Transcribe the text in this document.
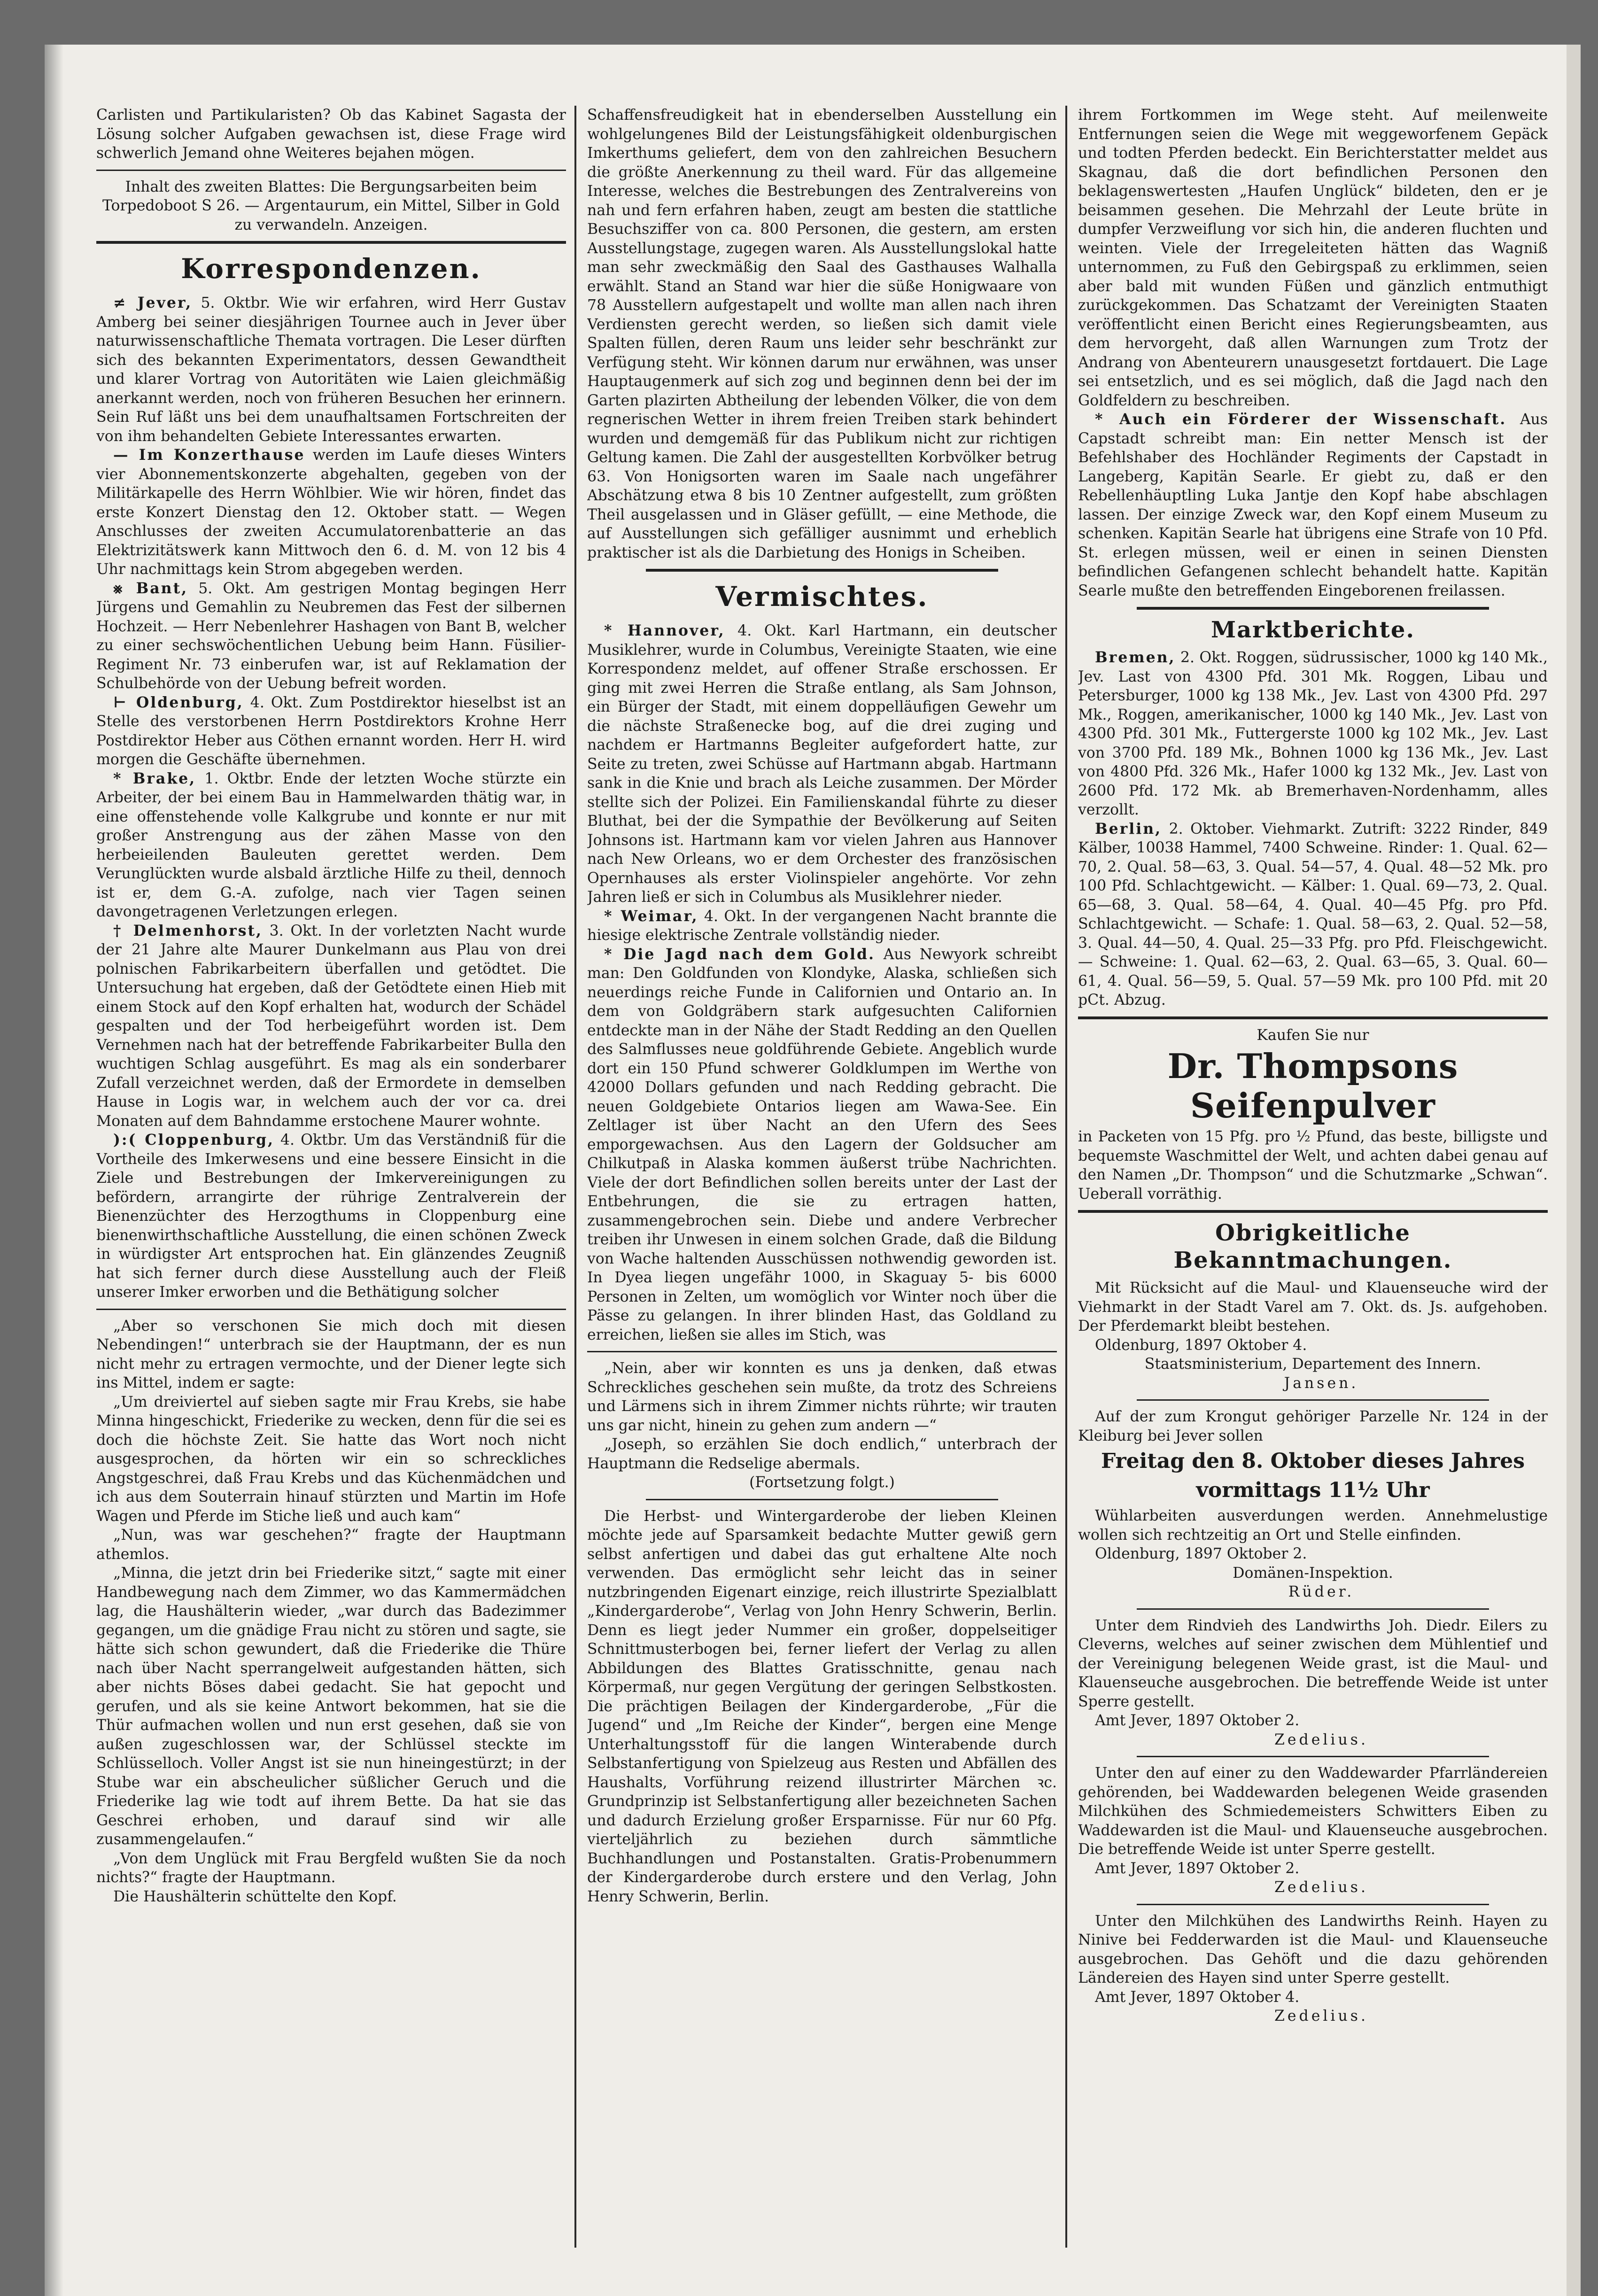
Carlisten und Partikularisten? Ob das Kabinet Sagasta der Lösung solcher Aufgaben gewachsen ist, diese Frage wird schwerlich Jemand ohne Weiteres bejahen mögen.

Inhalt des zweiten Blattes: Die Bergungsarbeiten beim Torpedoboot S 26. — Argentaurum, ein Mittel, Silber in Gold zu verwandeln. Anzeigen.

Korrespondenzen.

≠ Jever, 5. Oktbr. Wie wir erfahren, wird Herr Gustav Amberg bei seiner diesjährigen Tournee auch in Jever über naturwissenschaftliche Themata vortragen. Die Leser dürften sich des bekannten Experimentators, dessen Gewandtheit und klarer Vortrag von Autoritäten wie Laien gleichmäßig anerkannt werden, noch von früheren Besuchen her erinnern. Sein Ruf läßt uns bei dem unaufhaltsamen Fortschreiten der von ihm behandelten Gebiete Interessantes erwarten.

— Im Konzerthause werden im Laufe dieses Winters vier Abonnementskonzerte abgehalten, gegeben von der Militärkapelle des Herrn Wöhlbier. Wie wir hören, findet das erste Konzert Dienstag den 12. Oktober statt. — Wegen Anschlusses der zweiten Accumulatorenbatterie an das Elektrizitätswerk kann Mittwoch den 6. d. M. von 12 bis 4 Uhr nachmittags kein Strom abgegeben werden.

⨳ Bant, 5. Okt. Am gestrigen Montag begingen Herr Jürgens und Gemahlin zu Neubremen das Fest der silbernen Hochzeit. — Herr Nebenlehrer Hashagen von Bant B, welcher zu einer sechswöchentlichen Uebung beim Hann. Füsilier-Regiment Nr. 73 einberufen war, ist auf Reklamation der Schulbehörde von der Uebung befreit worden.

⊢ Oldenburg, 4. Okt. Zum Postdirektor hieselbst ist an Stelle des verstorbenen Herrn Postdirektors Krohne Herr Postdirektor Heber aus Cöthen ernannt worden. Herr H. wird morgen die Geschäfte übernehmen.

* Brake, 1. Oktbr. Ende der letzten Woche stürzte ein Arbeiter, der bei einem Bau in Hammelwarden thätig war, in eine offenstehende volle Kalkgrube und konnte er nur mit großer Anstrengung aus der zähen Masse von den herbeieilenden Bauleuten gerettet werden. Dem Verunglückten wurde alsbald ärztliche Hilfe zu theil, dennoch ist er, dem G.-A. zufolge, nach vier Tagen seinen davongetragenen Verletzungen erlegen.

† Delmenhorst, 3. Okt. In der vorletzten Nacht wurde der 21 Jahre alte Maurer Dunkelmann aus Plau von drei polnischen Fabrikarbeitern überfallen und getödtet. Die Untersuchung hat ergeben, daß der Getödtete einen Hieb mit einem Stock auf den Kopf erhalten hat, wodurch der Schädel gespalten und der Tod herbeigeführt worden ist. Dem Vernehmen nach hat der betreffende Fabrikarbeiter Bulla den wuchtigen Schlag ausgeführt. Es mag als ein sonderbarer Zufall verzeichnet werden, daß der Ermordete in demselben Hause in Logis war, in welchem auch der vor ca. drei Monaten auf dem Bahndamme erstochene Maurer wohnte.

):( Cloppenburg, 4. Oktbr. Um das Verständniß für die Vortheile des Imkerwesens und eine bessere Einsicht in die Ziele und Bestrebungen der Imkervereinigungen zu befördern, arrangirte der rührige Zentralverein der Bienenzüchter des Herzogthums in Cloppenburg eine bienenwirthschaftliche Ausstellung, die einen schönen Zweck in würdigster Art entsprochen hat. Ein glänzendes Zeugniß hat sich ferner durch diese Ausstellung auch der Fleiß unserer Imker erworben und die Bethätigung solcher

„Aber so verschonen Sie mich doch mit diesen Nebendingen!“ unterbrach sie der Hauptmann, der es nun nicht mehr zu ertragen vermochte, und der Diener legte sich ins Mittel, indem er sagte:

„Um dreiviertel auf sieben sagte mir Frau Krebs, sie habe Minna hingeschickt, Friederike zu wecken, denn für die sei es doch die höchste Zeit. Sie hatte das Wort noch nicht ausgesprochen, da hörten wir ein so schreckliches Angstgeschrei, daß Frau Krebs und das Küchenmädchen und ich aus dem Souterrain hinauf stürzten und Martin im Hofe Wagen und Pferde im Stiche ließ und auch kam“

„Nun, was war geschehen?“ fragte der Hauptmann athemlos.

„Minna, die jetzt drin bei Friederike sitzt,“ sagte mit einer Handbewegung nach dem Zimmer, wo das Kammermädchen lag, die Haushälterin wieder, „war durch das Badezimmer gegangen, um die gnädige Frau nicht zu stören und sagte, sie hätte sich schon gewundert, daß die Friederike die Thüre nach über Nacht sperrangelweit aufgestanden hätten, sich aber nichts Böses dabei gedacht. Sie hat gepocht und gerufen, und als sie keine Antwort bekommen, hat sie die Thür aufmachen wollen und nun erst gesehen, daß sie von außen zugeschlossen war, der Schlüssel steckte im Schlüsselloch. Voller Angst ist sie nun hineingestürzt; in der Stube war ein abscheulicher süßlicher Geruch und die Friederike lag wie todt auf ihrem Bette. Da hat sie das Geschrei erhoben, und darauf sind wir alle zusammengelaufen.“

„Von dem Unglück mit Frau Bergfeld wußten Sie da noch nichts?“ fragte der Hauptmann.

Die Haushälterin schüttelte den Kopf.

Schaffensfreudigkeit hat in ebenderselben Ausstellung ein wohlgelungenes Bild der Leistungsfähigkeit oldenburgischen Imkerthums geliefert, dem von den zahlreichen Besuchern die größte Anerkennung zu theil ward. Für das allgemeine Interesse, welches die Bestrebungen des Zentralvereins von nah und fern erfahren haben, zeugt am besten die stattliche Besuchsziffer von ca. 800 Personen, die gestern, am ersten Ausstellungstage, zugegen waren. Als Ausstellungslokal hatte man sehr zweckmäßig den Saal des Gasthauses Walhalla erwählt. Stand an Stand war hier die süße Honigwaare von 78 Ausstellern aufgestapelt und wollte man allen nach ihren Verdiensten gerecht werden, so ließen sich damit viele Spalten füllen, deren Raum uns leider sehr beschränkt zur Verfügung steht. Wir können darum nur erwähnen, was unser Hauptaugenmerk auf sich zog und beginnen denn bei der im Garten plazirten Abtheilung der lebenden Völker, die von dem regnerischen Wetter in ihrem freien Treiben stark behindert wurden und demgemäß für das Publikum nicht zur richtigen Geltung kamen. Die Zahl der ausgestellten Korbvölker betrug 63. Von Honigsorten waren im Saale nach ungefährer Abschätzung etwa 8 bis 10 Zentner aufgestellt, zum größten Theil ausgelassen und in Gläser gefüllt, — eine Methode, die auf Ausstellungen sich gefälliger ausnimmt und erheblich praktischer ist als die Darbietung des Honigs in Scheiben.

Vermischtes.

* Hannover, 4. Okt. Karl Hartmann, ein deutscher Musiklehrer, wurde in Columbus, Vereinigte Staaten, wie eine Korrespondenz meldet, auf offener Straße erschossen. Er ging mit zwei Herren die Straße entlang, als Sam Johnson, ein Bürger der Stadt, mit einem doppelläufigen Gewehr um die nächste Straßenecke bog, auf die drei zuging und nachdem er Hartmanns Begleiter aufgefordert hatte, zur Seite zu treten, zwei Schüsse auf Hartmann abgab. Hartmann sank in die Knie und brach als Leiche zusammen. Der Mörder stellte sich der Polizei. Ein Familienskandal führte zu dieser Bluthat, bei der die Sympathie der Bevölkerung auf Seiten Johnsons ist. Hartmann kam vor vielen Jahren aus Hannover nach New Orleans, wo er dem Orchester des französischen Opernhauses als erster Violinspieler angehörte. Vor zehn Jahren ließ er sich in Columbus als Musiklehrer nieder.

* Weimar, 4. Okt. In der vergangenen Nacht brannte die hiesige elektrische Zentrale vollständig nieder.

* Die Jagd nach dem Gold. Aus Newyork schreibt man: Den Goldfunden von Klondyke, Alaska, schließen sich neuerdings reiche Funde in Californien und Ontario an. In dem von Goldgräbern stark aufgesuchten Californien entdeckte man in der Nähe der Stadt Redding an den Quellen des Salmflusses neue goldführende Gebiete. Angeblich wurde dort ein 150 Pfund schwerer Goldklumpen im Werthe von 42000 Dollars gefunden und nach Redding gebracht. Die neuen Goldgebiete Ontarios liegen am Wawa-See. Ein Zeltlager ist über Nacht an den Ufern des Sees emporgewachsen. Aus den Lagern der Goldsucher am Chilkutpaß in Alaska kommen äußerst trübe Nachrichten. Viele der dort Befindlichen sollen bereits unter der Last der Entbehrungen, die sie zu ertragen hatten, zusammengebrochen sein. Diebe und andere Verbrecher treiben ihr Unwesen in einem solchen Grade, daß die Bildung von Wache haltenden Ausschüssen nothwendig geworden ist. In Dyea liegen ungefähr 1000, in Skaguay 5- bis 6000 Personen in Zelten, um womöglich vor Winter noch über die Pässe zu gelangen. In ihrer blinden Hast, das Goldland zu erreichen, ließen sie alles im Stich, was

„Nein, aber wir konnten es uns ja denken, daß etwas Schreckliches geschehen sein mußte, da trotz des Schreiens und Lärmens sich in ihrem Zimmer nichts rührte; wir trauten uns gar nicht, hinein zu gehen zum andern —“

„Joseph, so erzählen Sie doch endlich,“ unterbrach der Hauptmann die Redselige abermals.

(Fortsetzung folgt.)

Die Herbst- und Wintergarderobe der lieben Kleinen möchte jede auf Sparsamkeit bedachte Mutter gewiß gern selbst anfertigen und dabei das gut erhaltene Alte noch verwenden. Das ermöglicht sehr leicht das in seiner nutzbringenden Eigenart einzige, reich illustrirte Spezialblatt „Kindergarderobe“, Verlag von John Henry Schwerin, Berlin. Denn es liegt jeder Nummer ein großer, doppelseitiger Schnittmusterbogen bei, ferner liefert der Verlag zu allen Abbildungen des Blattes Gratisschnitte, genau nach Körpermaß, nur gegen Vergütung der geringen Selbstkosten. Die prächtigen Beilagen der Kindergarderobe, „Für die Jugend“ und „Im Reiche der Kinder“, bergen eine Menge Unterhaltungsstoff für die langen Winterabende durch Selbstanfertigung von Spielzeug aus Resten und Abfällen des Haushalts, Vorführung reizend illustrirter Märchen ꝛc. Grundprinzip ist Selbstanfertigung aller bezeichneten Sachen und dadurch Erzielung großer Ersparnisse. Für nur 60 Pfg. vierteljährlich zu beziehen durch sämmtliche Buchhandlungen und Postanstalten. Gratis-Probenummern der Kindergarderobe durch erstere und den Verlag, John Henry Schwerin, Berlin.

ihrem Fortkommen im Wege steht. Auf meilenweite Entfernungen seien die Wege mit weggeworfenem Gepäck und todten Pferden bedeckt. Ein Berichterstatter meldet aus Skagnau, daß die dort befindlichen Personen den beklagenswertesten „Haufen Unglück“ bildeten, den er je beisammen gesehen. Die Mehrzahl der Leute brüte in dumpfer Verzweiflung vor sich hin, die anderen fluchten und weinten. Viele der Irregeleiteten hätten das Wagniß unternommen, zu Fuß den Gebirgspaß zu erklimmen, seien aber bald mit wunden Füßen und gänzlich entmuthigt zurückgekommen. Das Schatzamt der Vereinigten Staaten veröffentlicht einen Bericht eines Regierungsbeamten, aus dem hervorgeht, daß allen Warnungen zum Trotz der Andrang von Abenteurern unausgesetzt fortdauert. Die Lage sei entsetzlich, und es sei möglich, daß die Jagd nach den Goldfeldern zu beschreiben.

* Auch ein Förderer der Wissenschaft. Aus Capstadt schreibt man: Ein netter Mensch ist der Befehlshaber des Hochländer Regiments der Capstadt in Langeberg, Kapitän Searle. Er giebt zu, daß er den Rebellenhäuptling Luka Jantje den Kopf habe abschlagen lassen. Der einzige Zweck war, den Kopf einem Museum zu schenken. Kapitän Searle hat übrigens eine Strafe von 10 Pfd. St. erlegen müssen, weil er einen in seinen Diensten befindlichen Gefangenen schlecht behandelt hatte. Kapitän Searle mußte den betreffenden Eingeborenen freilassen.

Marktberichte.

Bremen, 2. Okt. Roggen, südrussischer, 1000 kg 140 Mk., Jev. Last von 4300 Pfd. 301 Mk. Roggen, Libau und Petersburger, 1000 kg 138 Mk., Jev. Last von 4300 Pfd. 297 Mk., Roggen, amerikanischer, 1000 kg 140 Mk., Jev. Last von 4300 Pfd. 301 Mk., Futtergerste 1000 kg 102 Mk., Jev. Last von 3700 Pfd. 189 Mk., Bohnen 1000 kg 136 Mk., Jev. Last von 4800 Pfd. 326 Mk., Hafer 1000 kg 132 Mk., Jev. Last von 2600 Pfd. 172 Mk. ab Bremerhaven-Nordenhamm, alles verzollt.

Berlin, 2. Oktober. Viehmarkt. Zutrift: 3222 Rinder, 849 Kälber, 10038 Hammel, 7400 Schweine. Rinder: 1. Qual. 62—70, 2. Qual. 58—63, 3. Qual. 54—57, 4. Qual. 48—52 Mk. pro 100 Pfd. Schlachtgewicht. — Kälber: 1. Qual. 69—73, 2. Qual. 65—68, 3. Qual. 58—64, 4. Qual. 40—45 Pfg. pro Pfd. Schlachtgewicht. — Schafe: 1. Qual. 58—63, 2. Qual. 52—58, 3. Qual. 44—50, 4. Qual. 25—33 Pfg. pro Pfd. Fleischgewicht. — Schweine: 1. Qual. 62—63, 2. Qual. 63—65, 3. Qual. 60—61, 4. Qual. 56—59, 5. Qual. 57—59 Mk. pro 100 Pfd. mit 20 pCt. Abzug.

Kaufen Sie nur

Dr. Thompsons Seifenpulver

in Packeten von 15 Pfg. pro ½ Pfund, das beste, billigste und bequemste Waschmittel der Welt, und achten dabei genau auf den Namen „Dr. Thompson“ und die Schutzmarke „Schwan“. Ueberall vorräthig.

Obrigkeitliche Bekanntmachungen.

Mit Rücksicht auf die Maul- und Klauenseuche wird der Viehmarkt in der Stadt Varel am 7. Okt. ds. Js. aufgehoben. Der Pferdemarkt bleibt bestehen.

Oldenburg, 1897 Oktober 4.

Staatsministerium, Departement des Innern.

Jansen.

Auf der zum Krongut gehöriger Parzelle Nr. 124 in der Kleiburg bei Jever sollen

Freitag den 8. Oktober dieses Jahres
vormittags 11½ Uhr

Wühlarbeiten ausverdungen werden. Annehmelustige wollen sich rechtzeitig an Ort und Stelle einfinden.

Oldenburg, 1897 Oktober 2.

Domänen-Inspektion.

Rüder.

Unter dem Rindvieh des Landwirths Joh. Diedr. Eilers zu Cleverns, welches auf seiner zwischen dem Mühlentief und der Vereinigung belegenen Weide grast, ist die Maul- und Klauenseuche ausgebrochen. Die betreffende Weide ist unter Sperre gestellt.

Amt Jever, 1897 Oktober 2.

Zedelius.

Unter den auf einer zu den Waddewarder Pfarrländereien gehörenden, bei Waddewarden belegenen Weide grasenden Milchkühen des Schmiedemeisters Schwitters Eiben zu Waddewarden ist die Maul- und Klauenseuche ausgebrochen. Die betreffende Weide ist unter Sperre gestellt.

Amt Jever, 1897 Oktober 2.

Zedelius.

Unter den Milchkühen des Landwirths Reinh. Hayen zu Ninive bei Fedderwarden ist die Maul- und Klauenseuche ausgebrochen. Das Gehöft und die dazu gehörenden Ländereien des Hayen sind unter Sperre gestellt.

Amt Jever, 1897 Oktober 4.

Zedelius.
